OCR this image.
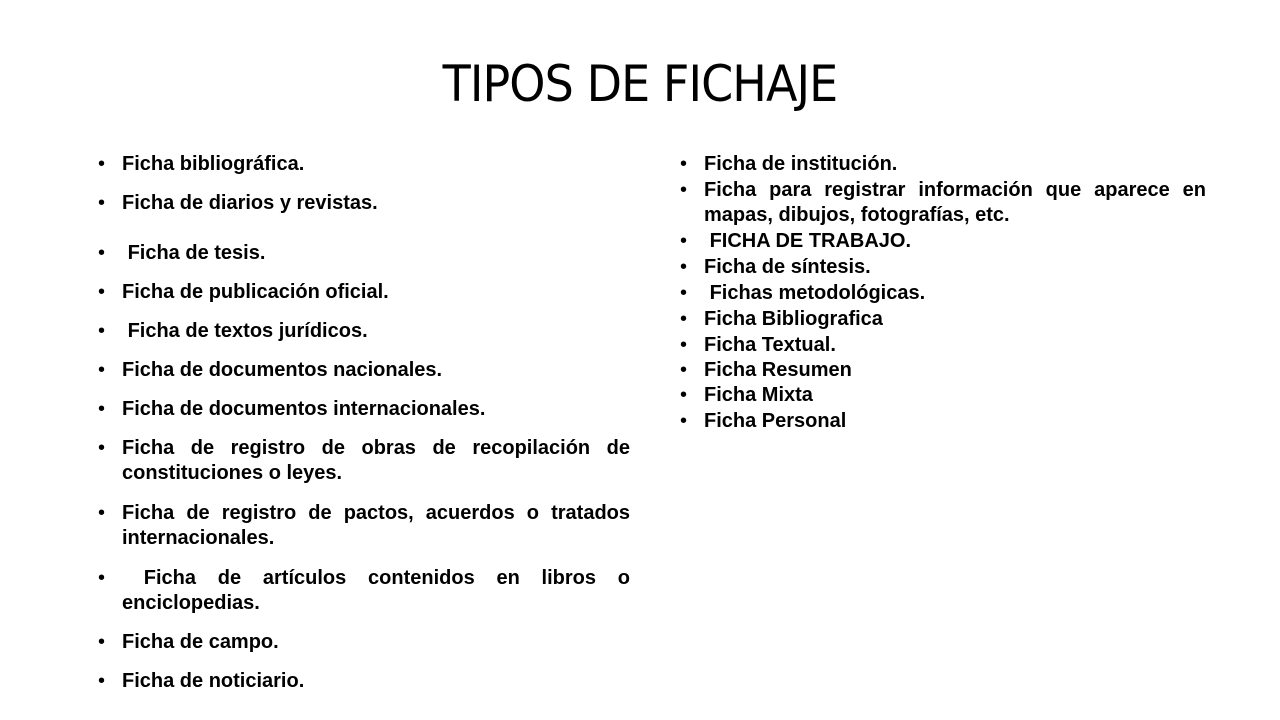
TIPOS DE FICHAJE
• Ficha bibliográfica.
• Ficha de diarios y revistas.
• Ficha de tesis.
• Ficha de publicación oficial.
• Ficha de textos jurídicos.
• Ficha de documentos nacionales.
• Ficha de documentos internacionales.
• Ficha de registro de obras de recopilación de constituciones o leyes.
• Ficha de registro de pactos, acuerdos o tratados internacionales.
• Ficha de artículos contenidos en libros o enciclopedias.
• Ficha de campo.
• Ficha de noticiario.
• Ficha de institución.
• Ficha para registrar información que aparece en mapas, dibujos, fotografías, etc.
• FICHA DE TRABAJO.
• Ficha de síntesis.
• Fichas metodológicas.
• Ficha Bibliografica
• Ficha Textual.
• Ficha Resumen
• Ficha Mixta
• Ficha Personal
